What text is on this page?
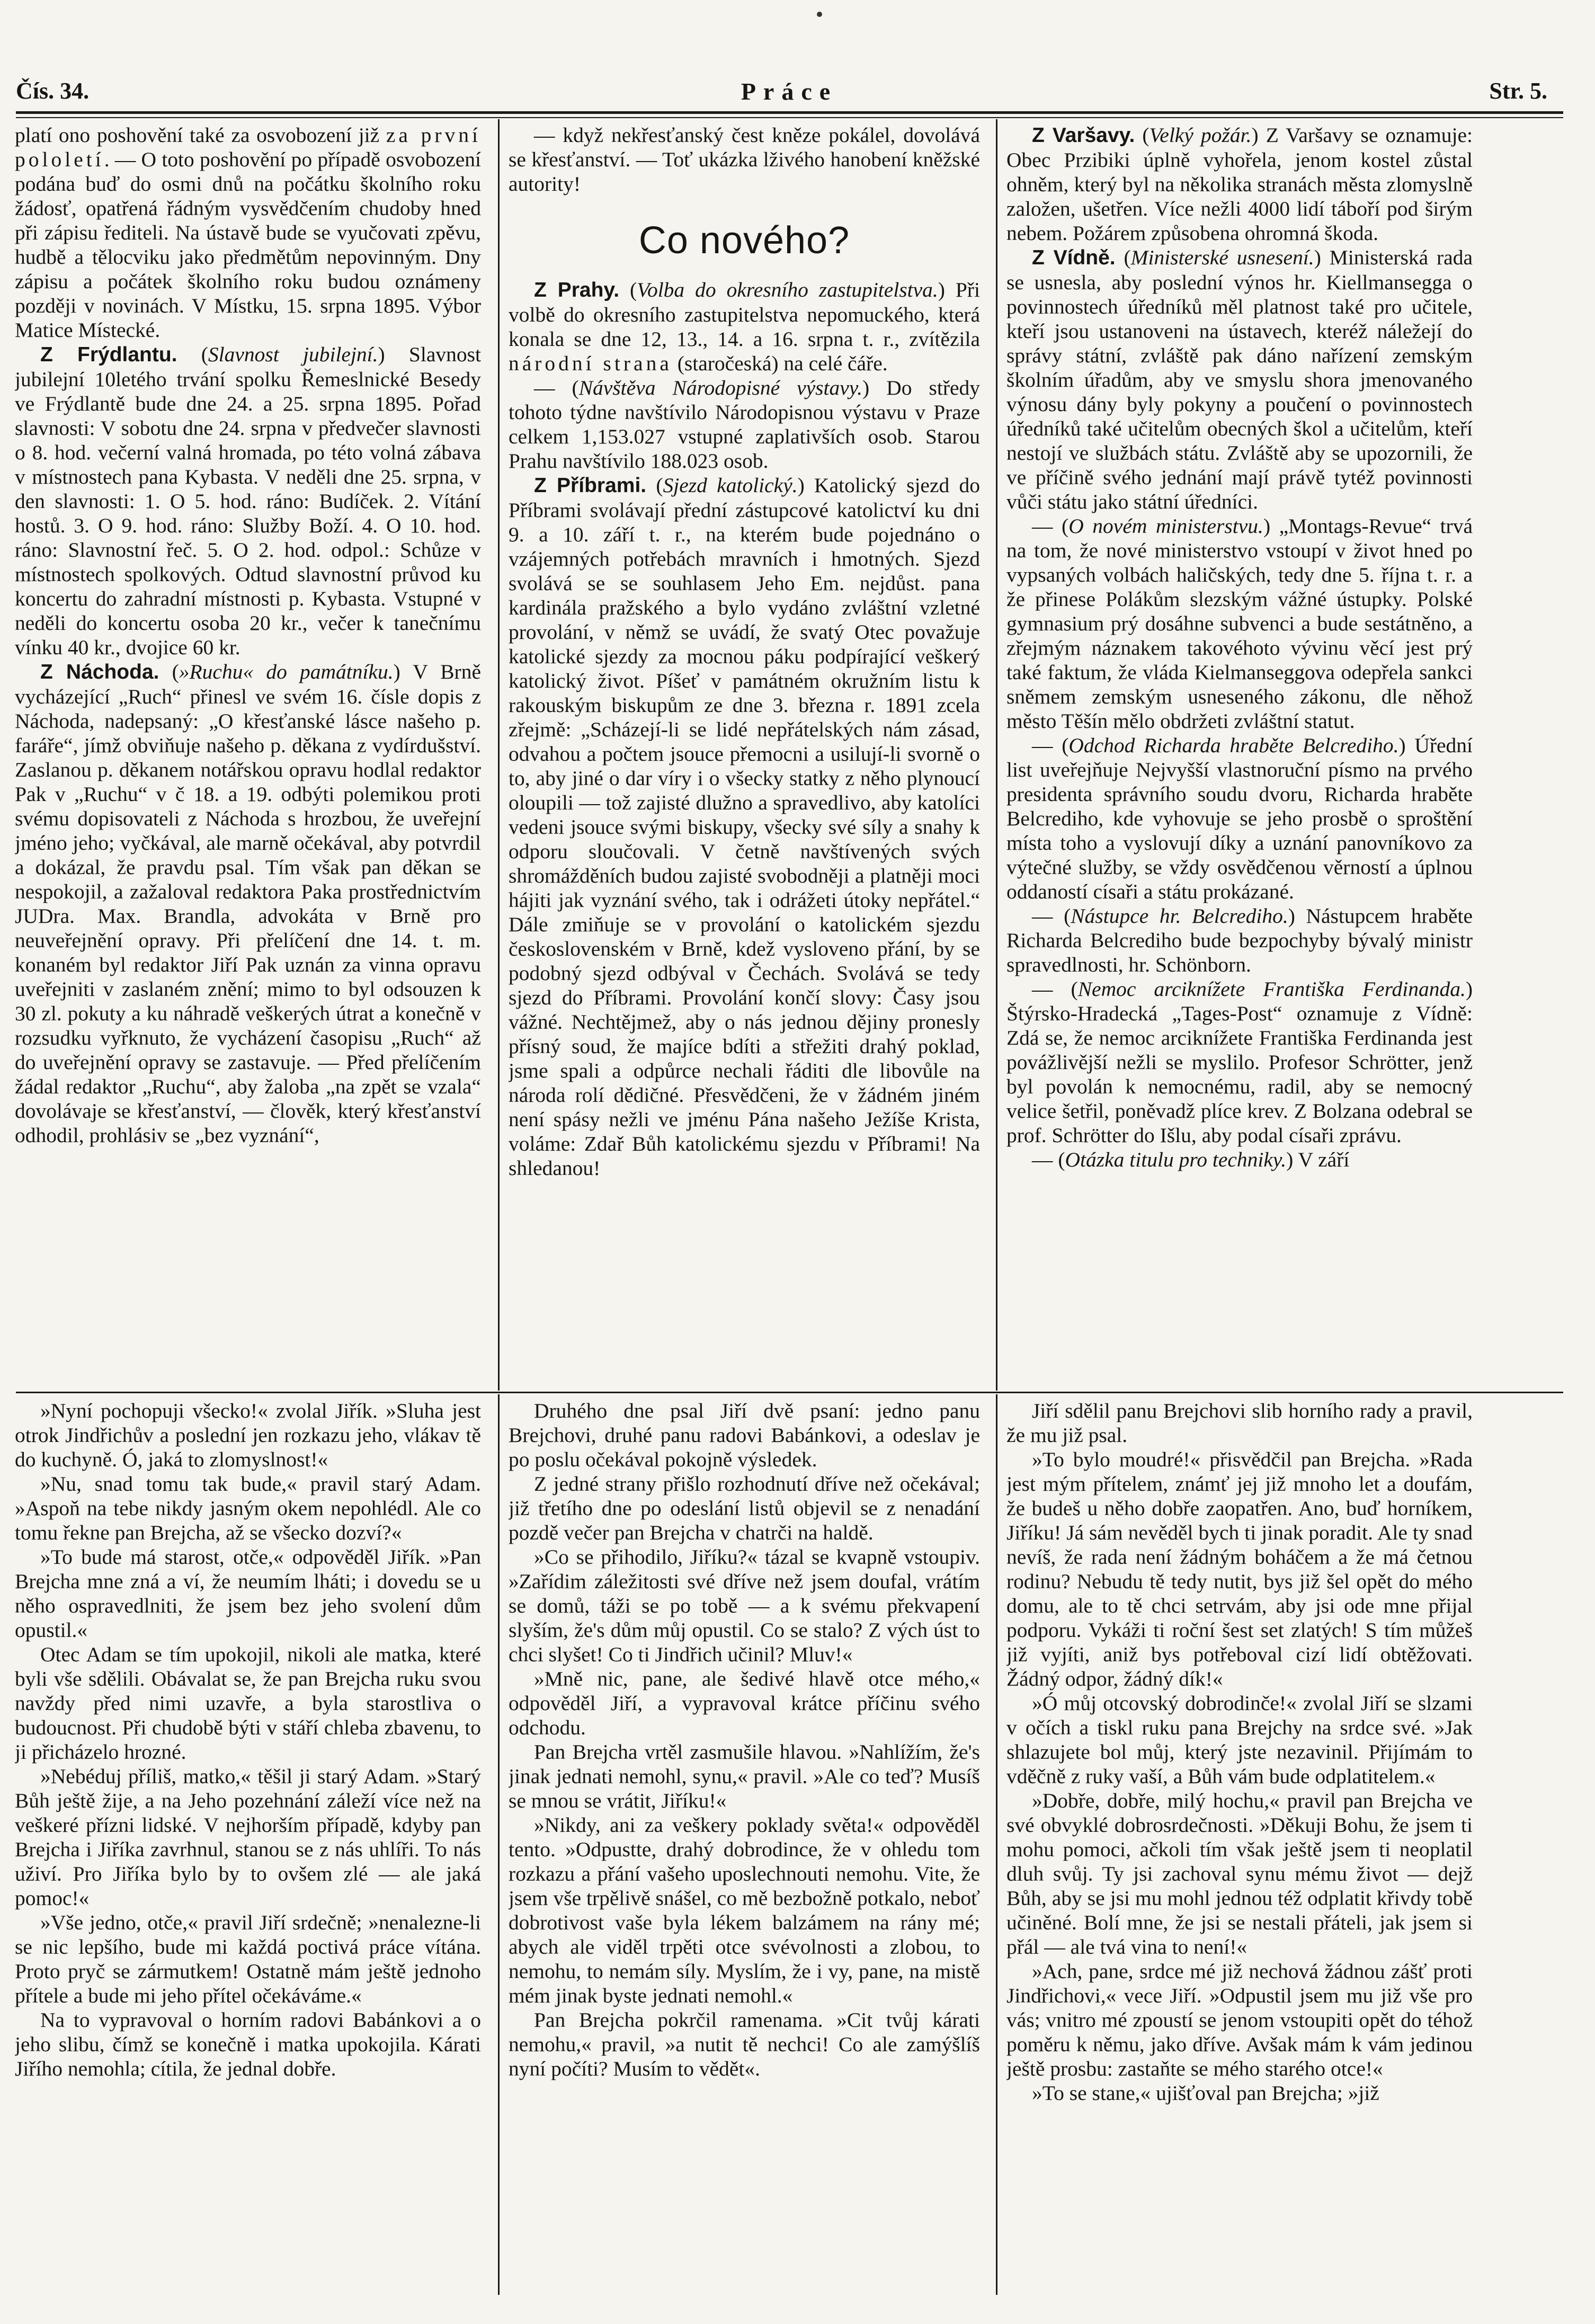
Čís. 34.	Práce	Str. 5.

platí ono poshovění také za osvobození již za první pololetí. — O toto poshovění po případě osvobození podána buď do osmi dnů na počátku školního roku žádosť, opatřená řádným vysvědčením chudoby hned při zápisu řediteli. Na ústavě bude se vyučovati zpěvu, hudbě a tělocviku jako předmětům nepovinným. Dny zápisu a počátek školního roku budou oznámeny později v novinách. V Místku, 15. srpna 1895. Výbor Matice Místecké.

Z Frýdlantu. (Slavnost jubilejní.) Slavnost jubilejní 10letého trvání spolku Řemeslnické Besedy ve Frýdlantě bude dne 24. a 25. srpna 1895. Pořad slavnosti: V sobotu dne 24. srpna v předvečer slavnosti o 8. hod. večerní valná hromada, po této volná zábava v místnostech pana Kybasta. V neděli dne 25. srpna, v den slavnosti: 1. O 5. hod. ráno: Budíček. 2. Vítání hostů. 3. O 9. hod. ráno: Služby Boží. 4. O 10. hod. ráno: Slavnostní řeč. 5. O 2. hod. odpol.: Schůze v místnostech spolkových. Odtud slavnostní průvod ku koncertu do zahradní místnosti p. Kybasta. Vstupné v neděli do koncertu osoba 20 kr., večer k tanečnímu vínku 40 kr., dvojice 60 kr.

Z Náchoda. (»Ruchu« do památníku.) V Brně vycházející „Ruch“ přinesl ve svém 16. čísle dopis z Náchoda, nadepsaný: „O křesťanské lásce našeho p. faráře“, jímž obviňuje našeho p. děkana z vydírdušství. Zaslanou p. děkanem notářskou opravu hodlal redaktor Pak v „Ruchu“ v č 18. a 19. odbýti polemikou proti svému dopisovateli z Náchoda s hrozbou, že uveřejní jméno jeho; vyčkával, ale marně očekával, aby potvrdil a dokázal, že pravdu psal. Tím však pan děkan se nespokojil, a zažaloval redaktora Paka prostřednictvím JUDra. Max. Brandla, advokáta v Brně pro neuveřejnění opravy. Při přelíčení dne 14. t. m. konaném byl redaktor Jiří Pak uznán za vinna opravu uveřejniti v zaslaném znění; mimo to byl odsouzen k 30 zl. pokuty a ku náhradě veškerých útrat a konečně v rozsudku vyřknuto, že vycházení časopisu „Ruch“ až do uveřejnění opravy se zastavuje. — Před přelíčením žádal redaktor „Ruchu“, aby žaloba „na zpět se vzala“ dovolávaje se křesťanství, — člověk, který křesťanství odhodil, prohlásiv se „bez vyznání“,

— když nekřesťanský čest kněze pokálel, dovolává se křesťanství. — Toť ukázka lživého hanobení kněžské autority!

Co nového?

Z Prahy. (Volba do okresního zastupitelstva.) Při volbě do okresního zastupitelstva nepomuckého, která konala se dne 12, 13., 14. a 16. srpna t. r., zvítězila národní strana (staročeská) na celé čáře.

— (Návštěva Národopisné výstavy.) Do středy tohoto týdne navštívilo Národopisnou výstavu v Praze celkem 1,153.027 vstupné zaplativších osob. Starou Prahu navštívilo 188.023 osob.

Z Příbrami. (Sjezd katolický.) Katolický sjezd do Příbrami svolávají přední zástupcové katolictví ku dni 9. a 10. září t. r., na kterém bude pojednáno o vzájemných potřebách mravních i hmotných. Sjezd svolává se se souhlasem Jeho Em. nejdůst. pana kardinála pražského a bylo vydáno zvláštní vzletné provolání, v němž se uvádí, že svatý Otec považuje katolické sjezdy za mocnou páku podpírající veškerý katolický život. Píšeť v památném okružním listu k rakouským biskupům ze dne 3. března r. 1891 zcela zřejmě: „Scházejí-li se lidé nepřátelských nám zásad, odvahou a počtem jsouce přemocni a usilují-li svorně o to, aby jiné o dar víry i o všecky statky z něho plynoucí oloupili — tož zajisté dlužno a spravedlivo, aby katolíci vedeni jsouce svými biskupy, všecky své síly a snahy k odporu sloučovali. V četně navštívených svých shromážděních budou zajisté svobodněji a platněji moci hájiti jak vyznání svého, tak i odrážeti útoky nepřátel.“ Dále zmiňuje se v provolání o katolickém sjezdu československém v Brně, kdež vysloveno přání, by se podobný sjezd odbýval v Čechách. Svolává se tedy sjezd do Příbrami. Provolání končí slovy: Časy jsou vážné. Nechtějmež, aby o nás jednou dějiny pronesly přísný soud, že majíce bdíti a střežiti drahý poklad, jsme spali a odpůrce nechali řáditi dle libovůle na národa rolí dědičné. Přesvědčeni, že v žádném jiném není spásy nežli ve jménu Pána našeho Ježíše Krista, voláme: Zdař Bůh katolickému sjezdu v Příbrami! Na shledanou!

Z Varšavy. (Velký požár.) Z Varšavy se oznamuje: Obec Przibiki úplně vyhořela, jenom kostel zůstal ohněm, který byl na několika stranách města zlomyslně založen, ušetřen. Více nežli 4000 lidí táboří pod širým nebem. Požárem způsobena ohromná škoda.

Z Vídně. (Ministerské usnesení.) Ministerská rada se usnesla, aby poslední výnos hr. Kiellmansegga o povinnostech úředníků měl platnost také pro učitele, kteří jsou ustanoveni na ústavech, kteréž náležejí do správy státní, zvláště pak dáno nařízení zemským školním úřadům, aby ve smyslu shora jmenovaného výnosu dány byly pokyny a poučení o povinnostech úředníků také učitelům obecných škol a učitelům, kteří nestojí ve službách státu. Zvláště aby se upozornili, že ve příčině svého jednání mají právě tytéž povinnosti vůči státu jako státní úředníci.

— (O novém ministerstvu.) „Montags-Revue“ trvá na tom, že nové ministerstvo vstoupí v život hned po vypsaných volbách haličských, tedy dne 5. října t. r. a že přinese Polákům slezským vážné ústupky. Polské gymnasium prý dosáhne subvenci a bude sestátněno, a zřejmým náznakem takovéhoto vývinu věcí jest prý také faktum, že vláda Kielmanseggova odepřela sankci sněmem zemským usneseného zákonu, dle něhož město Těšín mělo obdržeti zvláštní statut.

— (Odchod Richarda hraběte Belcrediho.) Úřední list uveřejňuje Nejvyšší vlastnoruční písmo na prvého presidenta správního soudu dvoru, Richarda hraběte Belcrediho, kde vyhovuje se jeho prosbě o sproštění místa toho a vyslovují díky a uznání panovníkovo za výtečné služby, se vždy osvědčenou věrností a úplnou oddaností císaři a státu prokázané.

— (Nástupce hr. Belcrediho.) Nástupcem hraběte Richarda Belcrediho bude bezpochyby bývalý ministr spravedlnosti, hr. Schönborn.

— (Nemoc arciknížete Františka Ferdinanda.) Štýrsko-Hradecká „Tages-Post“ oznamuje z Vídně: Zdá se, že nemoc arciknížete Františka Ferdinanda jest povážlivější nežli se myslilo. Profesor Schrötter, jenž byl povolán k nemocnému, radil, aby se nemocný velice šetřil, poněvadž plíce krev. Z Bolzana odebral se prof. Schrötter do Išlu, aby podal císaři zprávu.

— (Otázka titulu pro techniky.) V září

»Nyní pochopuji všecko!« zvolal Jiřík. »Sluha jest otrok Jindřichův a poslední jen rozkazu jeho, vlákav tě do kuchyně. Ó, jaká to zlomyslnost!«

»Nu, snad tomu tak bude,« pravil starý Adam. »Aspoň na tebe nikdy jasným okem nepohlédl. Ale co tomu řekne pan Brejcha, až se všecko dozví?«

»To bude má starost, otče,« odpověděl Jiřík. »Pan Brejcha mne zná a ví, že neumím lháti; i dovedu se u něho ospravedlniti, že jsem bez jeho svolení dům opustil.«

Otec Adam se tím upokojil, nikoli ale matka, které byli vše sdělili. Obávalat se, že pan Brejcha ruku svou navždy před nimi uzavře, a byla starostliva o budoucnost. Při chudobě býti v stáří chleba zbavenu, to ji přicházelo hrozné.

»Nebéduj příliš, matko,« těšil ji starý Adam. »Starý Bůh ještě žije, a na Jeho pozehnání záleží více než na veškeré přízni lidské. V nejhorším případě, kdyby pan Brejcha i Jiříka zavrhnul, stanou se z nás uhlíři. To nás uživí. Pro Jiříka bylo by to ovšem zlé — ale jaká pomoc!«

»Vše jedno, otče,« pravil Jiří srdečně; »nenalezne-li se nic lepšího, bude mi každá poctivá práce vítána. Proto pryč se zármutkem! Ostatně mám ještě jednoho přítele a bude mi jeho přítel očekáváme.«

Na to vypravoval o horním radovi Babánkovi a o jeho slibu, čímž se konečně i matka upokojila. Kárati Jiřího nemohla; cítila, že jednal dobře.

Druhého dne psal Jiří dvě psaní: jedno panu Brejchovi, druhé panu radovi Babánkovi, a odeslav je po poslu očekával pokojně výsledek.

Z jedné strany přišlo rozhodnutí dříve než očekával; již třetího dne po odeslání listů objevil se z nenadání pozdě večer pan Brejcha v chatrči na haldě.

»Co se přihodilo, Jiříku?« tázal se kvapně vstoupiv. »Zařídim záležitosti své dříve než jsem doufal, vrátím se domů, táži se po tobě — a k svému překvapení slyším, že's dům můj opustil. Co se stalo? Z vých úst to chci slyšet! Co ti Jindřich učinil? Mluv!«

»Mně nic, pane, ale šedivé hlavě otce mého,« odpověděl Jiří, a vypravoval krátce příčinu svého odchodu.

Pan Brejcha vrtěl zasmušile hlavou. »Nahlížím, že's jinak jednati nemohl, synu,« pravil. »Ale co teď? Musíš se mnou se vrátit, Jiříku!«

»Nikdy, ani za veškery poklady světa!« odpověděl tento. »Odpustte, drahý dobrodince, že v ohledu tom rozkazu a přání vašeho uposlechnouti nemohu. Vite, že jsem vše trpělivě snášel, co mě bezbožně potkalo, neboť dobrotivost vaše byla lékem balzámem na rány mé; abych ale viděl trpěti otce svévolnosti a zlobou, to nemohu, to nemám síly. Myslím, že i vy, pane, na mistě mém jinak byste jednati nemohl.«

Pan Brejcha pokrčil ramenama. »Cit tvůj kárati nemohu,« pravil, »a nutit tě nechci! Co ale zamýšlíš nyní počíti? Musím to vědět«.

Jiří sdělil panu Brejchovi slib horního rady a pravil, že mu již psal.

»To bylo moudré!« přisvědčil pan Brejcha. »Rada jest mým přítelem, známť jej již mnoho let a doufám, že budeš u něho dobře zaopatřen. Ano, buď horníkem, Jiříku! Já sám nevěděl bych ti jinak poradit. Ale ty snad nevíš, že rada není žádným boháčem a že má četnou rodinu? Nebudu tě tedy nutit, bys již šel opět do mého domu, ale to tě chci setrvám, aby jsi ode mne přijal podporu. Vykáži ti roční šest set zlatých! S tím můžeš již vyjíti, aniž bys potřeboval cizí lidí obtěžovati. Žádný odpor, žádný dík!«

»Ó můj otcovský dobrodinče!« zvolal Jiří se slzami v očích a tiskl ruku pana Brejchy na srdce své. »Jak shlazujete bol můj, který jste nezavinil. Přijímám to vděčně z ruky vaší, a Bůh vám bude odplatitelem.«

»Dobře, dobře, milý hochu,« pravil pan Brejcha ve své obvyklé dobrosrdečnosti. »Děkuji Bohu, že jsem ti mohu pomoci, ačkoli tím však ještě jsem ti neoplatil dluh svůj. Ty jsi zachoval synu mému život — dejž Bůh, aby se jsi mu mohl jednou též odplatit křivdy tobě učiněné. Bolí mne, že jsi se nestali přáteli, jak jsem si přál — ale tvá vina to není!«

»Ach, pane, srdce mé již nechová žádnou zášť proti Jindřichovi,« vece Jiří. »Odpustil jsem mu již vše pro vás; vnitro mé zpoustí se jenom vstoupiti opět do téhož poměru k němu, jako dříve. Avšak mám k vám jedinou ještě prosbu: zastaňte se mého starého otce!«

»To se stane,« ujišťoval pan Brejcha; »již
